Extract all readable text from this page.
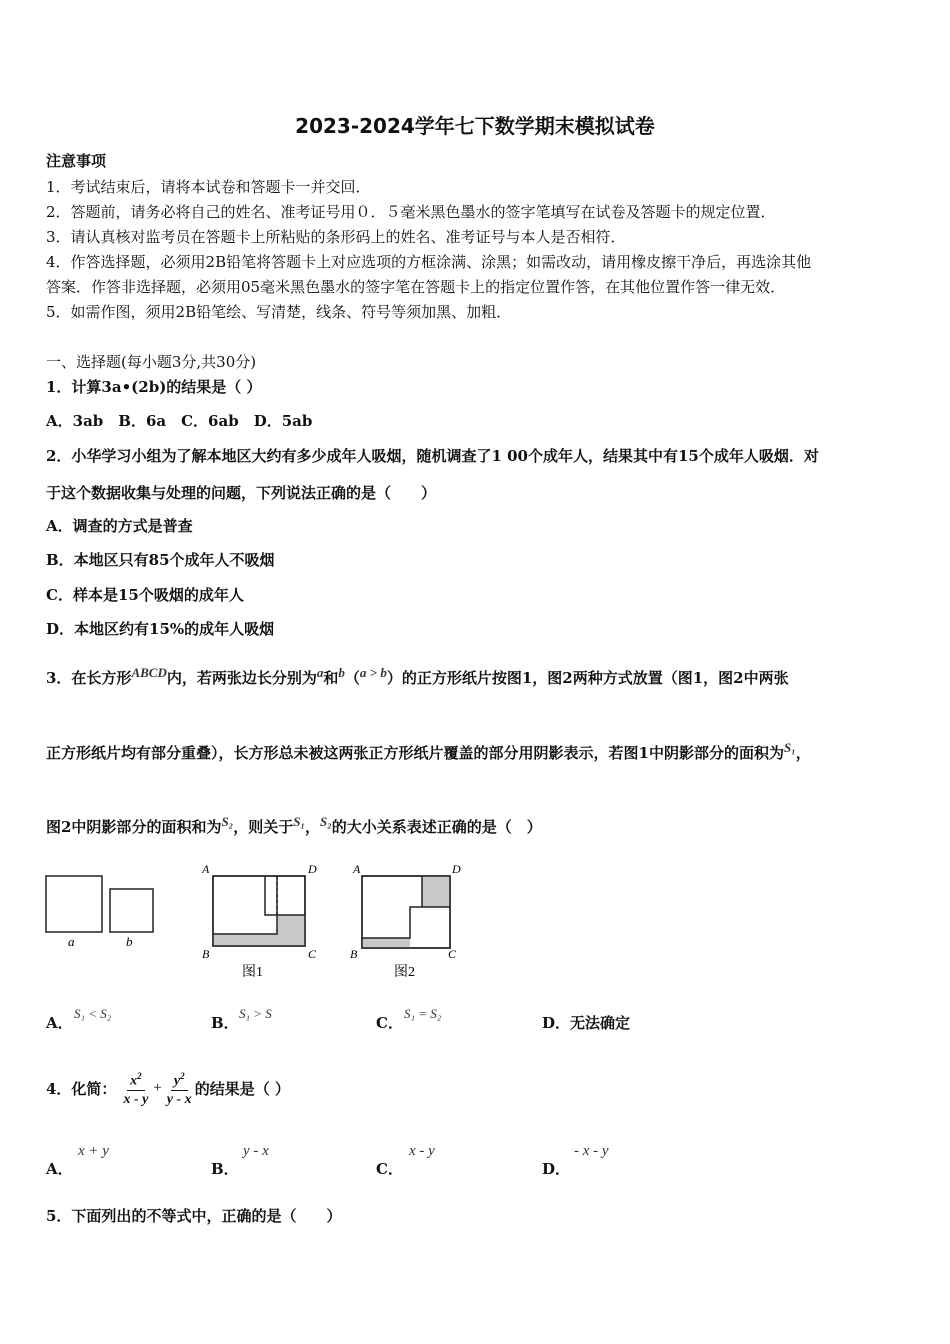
2023-2024学年七下数学期末模拟试卷
注意事项
1．考试结束后，请将本试卷和答题卡一并交回．
2．答题前，请务必将自己的姓名、准考证号用０．５毫米黑色墨水的签字笔填写在试卷及答题卡的规定位置．
3．请认真核对监考员在答题卡上所粘贴的条形码上的姓名、准考证号与本人是否相符．
4．作答选择题，必须用2B铅笔将答题卡上对应选项的方框涂满、涂黑；如需改动，请用橡皮擦干净后，再选涂其他
答案．作答非选择题，必须用05毫米黑色墨水的签字笔在答题卡上的指定位置作答，在其他位置作答一律无效．
5．如需作图，须用2B铅笔绘、写清楚，线条、符号等须加黑、加粗．
一、选择题(每小题3分,共30分)
1．计算3a•(2b)的结果是（ ）
A．3ab　B．6a　C．6ab　D．5ab
2．小华学习小组为了解本地区大约有多少成年人吸烟，随机调查了1 00个成年人，结果其中有15个成年人吸烟．对
于这个数据收集与处理的问题，下列说法正确的是（　　）
A．调查的方式是普查
B．本地区只有85个成年人不吸烟
C．样本是15个吸烟的成年人
D．本地区约有15%的成年人吸烟
3．在长方形$^{ABCD}$内，若两张边长分别为$^a$和$^b$（$^{a > b}$）的正方形纸片按图1，图2两种方式放置（图1，图2中两张
正方形纸片均有部分重叠），长方形总未被这两张正方形纸片覆盖的部分用阴影表示，若图1中阴影部分的面积为$^{S_1}$，
图2中阴影部分的面积和为$^{S_2}$，则关于$^{S_1}$，$^{S_2}$的大小关系表述正确的是（　）
a	b
A	D
B	C
图1
A	D
B	C
图2
A．
S₁ < S₂
B．
S₁ > S
C．
S₁ = S₂
D．无法确定
4．化简： $\frac{x^2}{x - y} + \frac{y^2}{y - x}$ 的结果是（ ）
A．
x + y
B．
y - x
C．
x - y
D．
- x - y
5．下面列出的不等式中，正确的是（　　）
